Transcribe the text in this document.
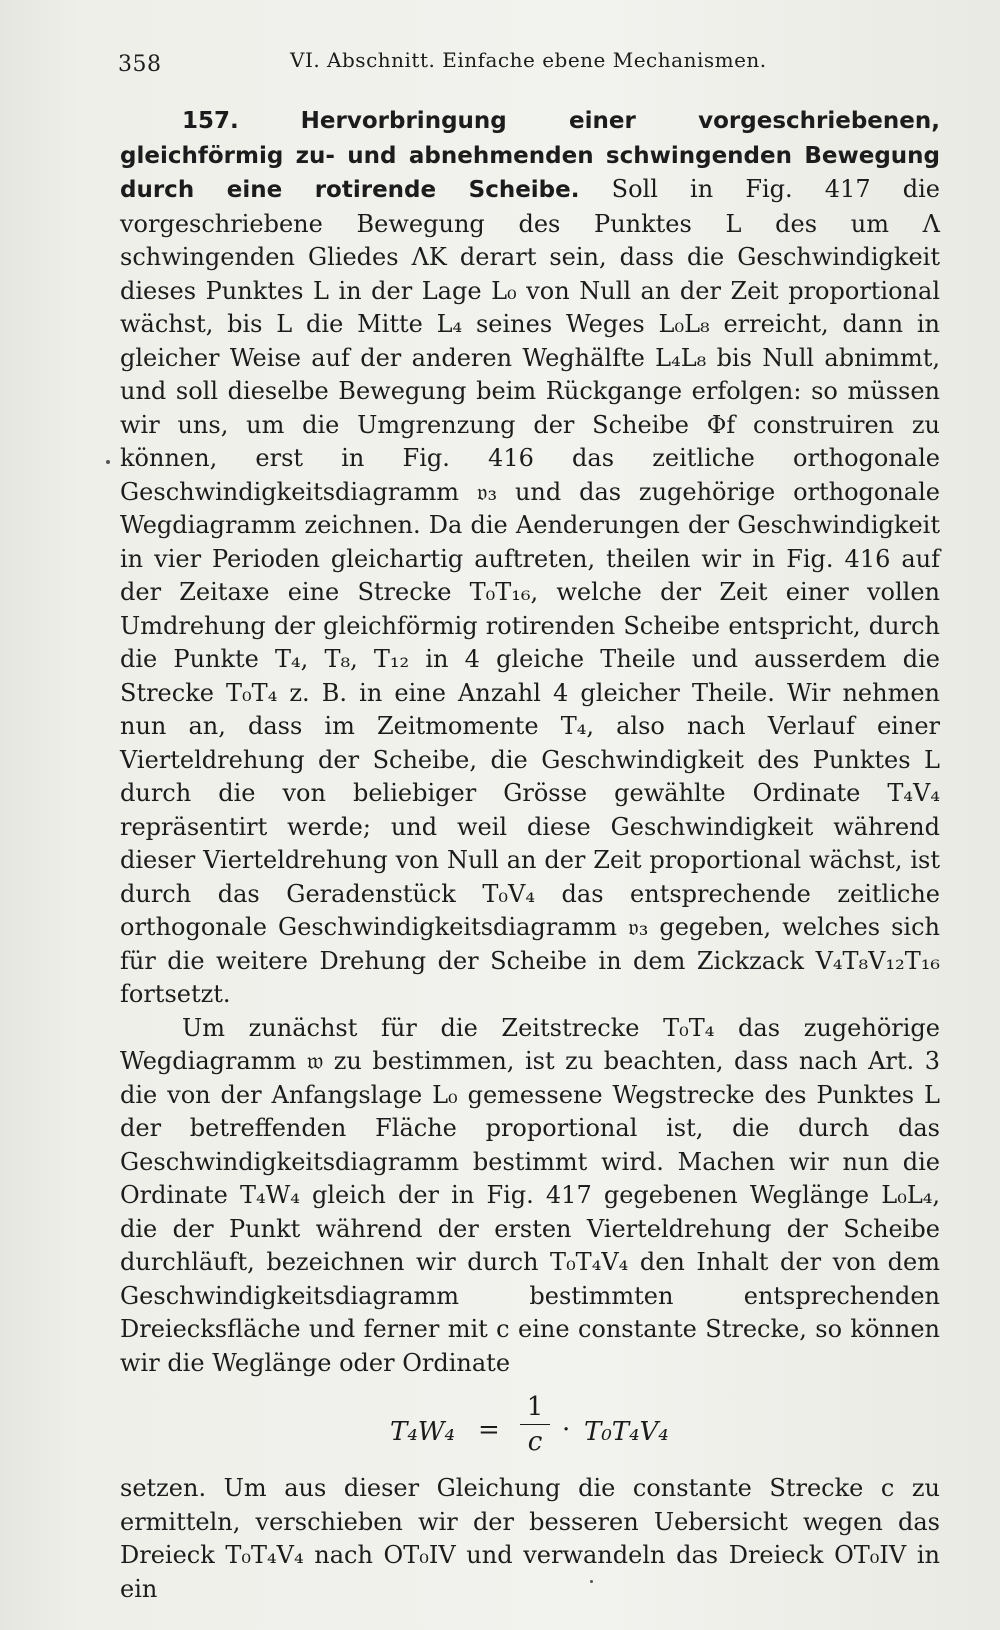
358	VI. Abschnitt. Einfache ebene Mechanismen.

157.	Hervorbringung einer vorgeschriebenen, gleichförmig zu- und abnehmenden schwingenden Bewegung durch eine rotirende Scheibe. Soll in Fig. 417 die vorgeschriebene Bewegung des Punktes L des um Λ schwingenden Gliedes ΛK derart sein, dass die Geschwindigkeit dieses Punktes L in der Lage L₀ von Null an der Zeit proportional wächst, bis L die Mitte L₄ seines Weges L₀L₈ erreicht, dann in gleicher Weise auf der anderen Weghälfte L₄L₈ bis Null abnimmt, und soll dieselbe Bewegung beim Rückgange erfolgen: so müssen wir uns, um die Umgrenzung der Scheibe Φf construiren zu können, erst in Fig. 416 das zeitliche orthogonale Geschwindigkeitsdiagramm 𝔳₃ und das zugehörige orthogonale Wegdiagramm zeichnen. Da die Aenderungen der Geschwindigkeit in vier Perioden gleichartig auftreten, theilen wir in Fig. 416 auf der Zeitaxe eine Strecke T₀T₁₆, welche der Zeit einer vollen Umdrehung der gleichförmig rotirenden Scheibe entspricht, durch die Punkte T₄, T₈, T₁₂ in 4 gleiche Theile und ausserdem die Strecke T₀T₄ z. B. in eine Anzahl 4 gleicher Theile. Wir nehmen nun an, dass im Zeitmomente T₄, also nach Verlauf einer Vierteldrehung der Scheibe, die Geschwindigkeit des Punktes L durch die von beliebiger Grösse gewählte Ordinate T₄V₄ repräsentirt werde; und weil diese Geschwindigkeit während dieser Vierteldrehung von Null an der Zeit proportional wächst, ist durch das Geradenstück T₀V₄ das entsprechende zeitliche orthogonale Geschwindigkeitsdiagramm 𝔳₃ gegeben, welches sich für die weitere Drehung der Scheibe in dem Zickzack V₄T₈V₁₂T₁₆ fortsetzt.

Um zunächst für die Zeitstrecke T₀T₄ das zugehörige Wegdiagramm 𝔴 zu bestimmen, ist zu beachten, dass nach Art. 3 die von der Anfangslage L₀ gemessene Wegstrecke des Punktes L der betreffenden Fläche proportional ist, die durch das Geschwindigkeitsdiagramm bestimmt wird. Machen wir nun die Ordinate T₄W₄ gleich der in Fig. 417 gegebenen Weglänge L₀L₄, die der Punkt während der ersten Vierteldrehung der Scheibe durchläuft, bezeichnen wir durch T₀T₄V₄ den Inhalt der von dem Geschwindigkeitsdiagramm bestimmten entsprechenden Dreiecksfläche und ferner mit c eine constante Strecke, so können wir die Weglänge oder Ordinate

$T_4W_4 = \frac{1}{c} \cdot T_0T_4V_4$

setzen. Um aus dieser Gleichung die constante Strecke c zu ermitteln, verschieben wir der besseren Uebersicht wegen das Dreieck T₀T₄V₄ nach OT₀IV und verwandeln das Dreieck OT₀IV in ein
